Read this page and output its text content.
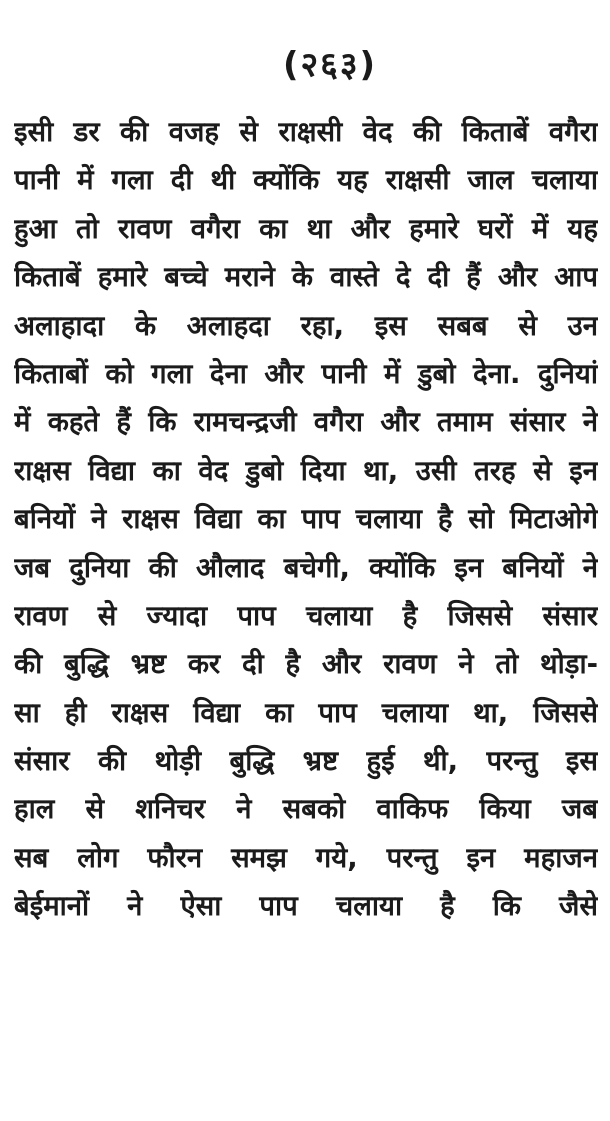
(२६३)
इसी डर की वजह से राक्षसी वेद की किताबें वगैरा
पानी में गला दी थी क्योंकि यह राक्षसी जाल चलाया
हुआ तो रावण वगैरा का था और हमारे घरों में यह
किताबें हमारे बच्चे मराने के वास्ते दे दी हैं और आप
अलाहादा के अलाहदा रहा, इस सबब से उन
किताबों को गला देना और पानी में डुबो देना. दुनियां
में कहते हैं कि रामचन्द्रजी वगैरा और तमाम संसार ने
राक्षस विद्या का वेद डुबो दिया था, उसी तरह से इन
बनियों ने राक्षस विद्या का पाप चलाया है सो मिटाओगे
जब दुनिया की औलाद बचेगी, क्योंकि इन बनियों ने
रावण से ज्यादा पाप चलाया है जिससे संसार
की बुद्धि भ्रष्ट कर दी है और रावण ने तो थोड़ा-
सा ही राक्षस विद्या का पाप चलाया था, जिससे
संसार की थोड़ी बुद्धि भ्रष्ट हुई थी, परन्तु इस
हाल से शनिचर ने सबको वाकिफ किया जब
सब लोग फौरन समझ गये, परन्तु इन महाजन
बेईमानों ने ऐसा पाप चलाया है कि जैसे
